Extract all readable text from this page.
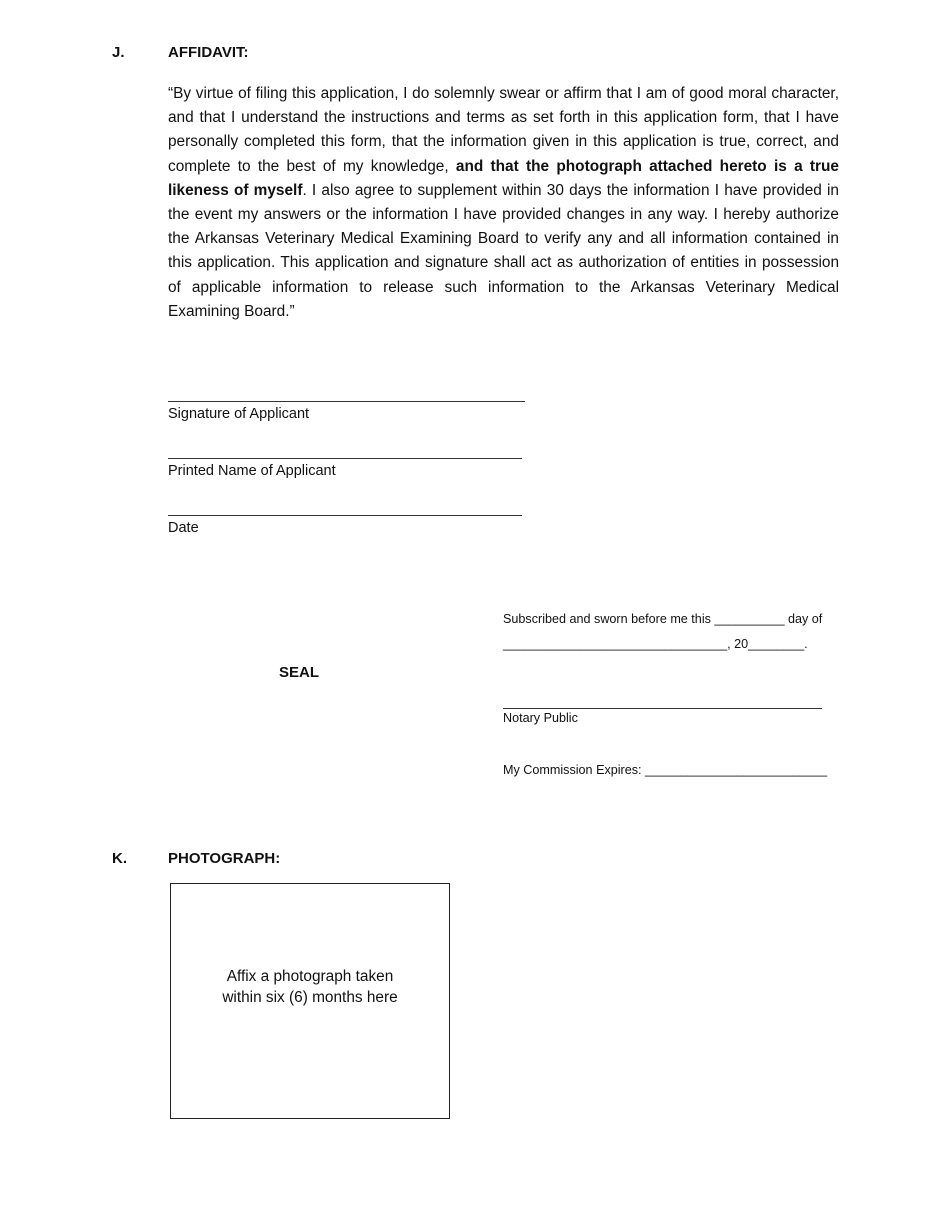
J.	AFFIDAVIT:
“By virtue of filing this application, I do solemnly swear or affirm that I am of good moral character, and that I understand the instructions and terms as set forth in this application form, that I have personally completed this form, that the information given in this application is true, correct, and complete to the best of my knowledge, and that the photograph attached hereto is a true likeness of myself. I also agree to supplement within 30 days the information I have provided in the event my answers or the information I have provided changes in any way. I hereby authorize the Arkansas Veterinary Medical Examining Board to verify any and all information contained in this application. This application and signature shall act as authorization of entities in possession of applicable information to release such information to the Arkansas Veterinary Medical Examining Board.”
Signature of Applicant
Printed Name of Applicant
Date
Subscribed and sworn before me this __________ day of
________________________________, 20________.
SEAL
Notary Public
My Commission Expires: __________________________
K.	PHOTOGRAPH:
Affix a photograph taken
within six (6) months here
